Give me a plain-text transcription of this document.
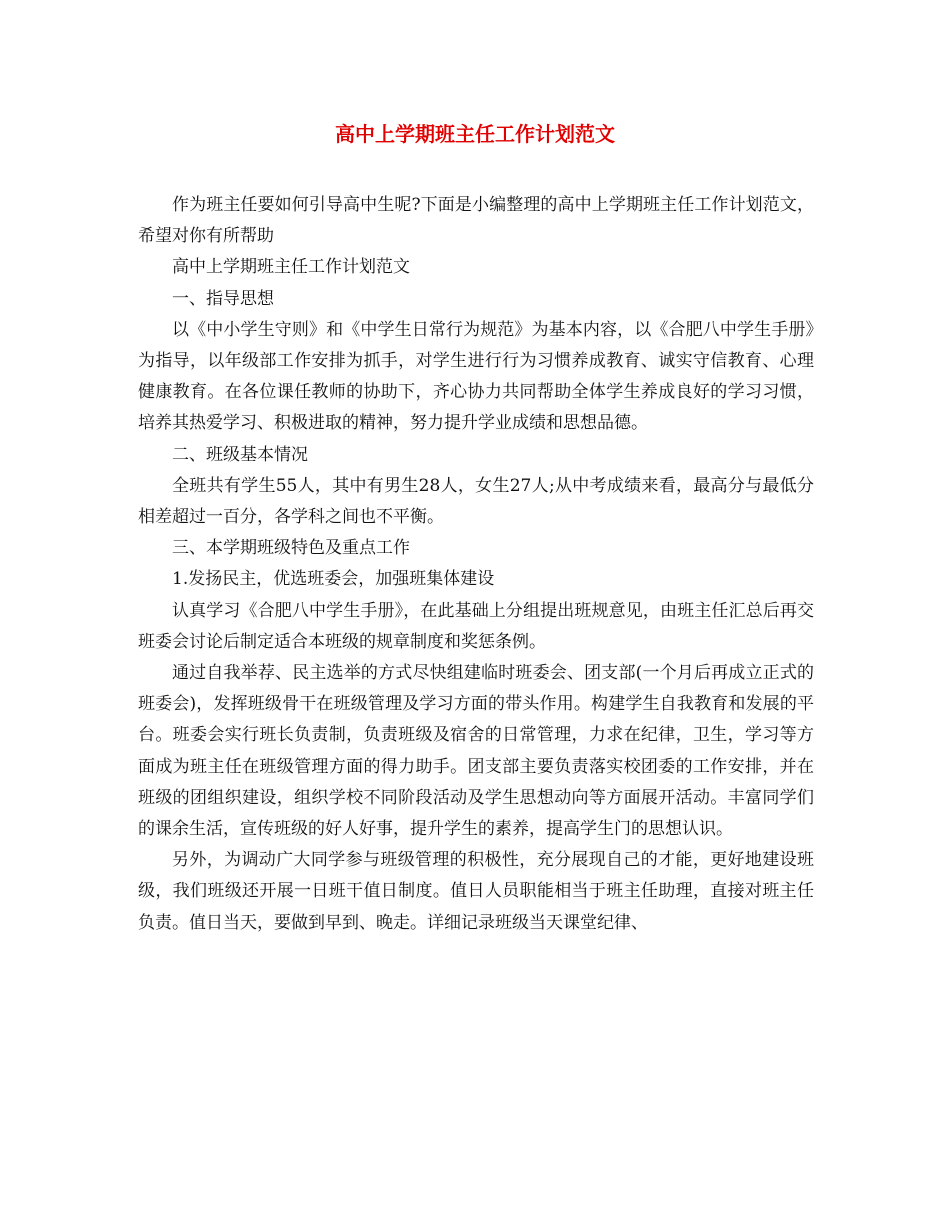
高中上学期班主任工作计划范文

作为班主任要如何引导高中生呢?下面是小编整理的高中上学期班主任工作计划范文，希望对你有所帮助

高中上学期班主任工作计划范文

一、指导思想

以《中小学生守则》和《中学生日常行为规范》为基本内容，以《合肥八中学生手册》为指导，以年级部工作安排为抓手，对学生进行行为习惯养成教育、诚实守信教育、心理健康教育。在各位课任教师的协助下，齐心协力共同帮助全体学生养成良好的学习习惯，培养其热爱学习、积极进取的精神，努力提升学业成绩和思想品德。

二、班级基本情况

全班共有学生55人，其中有男生28人，女生27人;从中考成绩来看，最高分与最低分相差超过一百分，各学科之间也不平衡。

三、本学期班级特色及重点工作

1.发扬民主，优选班委会，加强班集体建设

认真学习《合肥八中学生手册》，在此基础上分组提出班规意见，由班主任汇总后再交班委会讨论后制定适合本班级的规章制度和奖惩条例。

通过自我举荐、民主选举的方式尽快组建临时班委会、团支部(一个月后再成立正式的班委会)，发挥班级骨干在班级管理及学习方面的带头作用。构建学生自我教育和发展的平台。班委会实行班长负责制，负责班级及宿舍的日常管理，力求在纪律，卫生，学习等方面成为班主任在班级管理方面的得力助手。团支部主要负责落实校团委的工作安排，并在班级的团组织建设，组织学校不同阶段活动及学生思想动向等方面展开活动。丰富同学们的课余生活，宣传班级的好人好事，提升学生的素养，提高学生门的思想认识。

另外，为调动广大同学参与班级管理的积极性，充分展现自己的才能，更好地建设班级，我们班级还开展一日班干值日制度。值日人员职能相当于班主任助理，直接对班主任负责。值日当天，要做到早到、晚走。详细记录班级当天课堂纪律、
